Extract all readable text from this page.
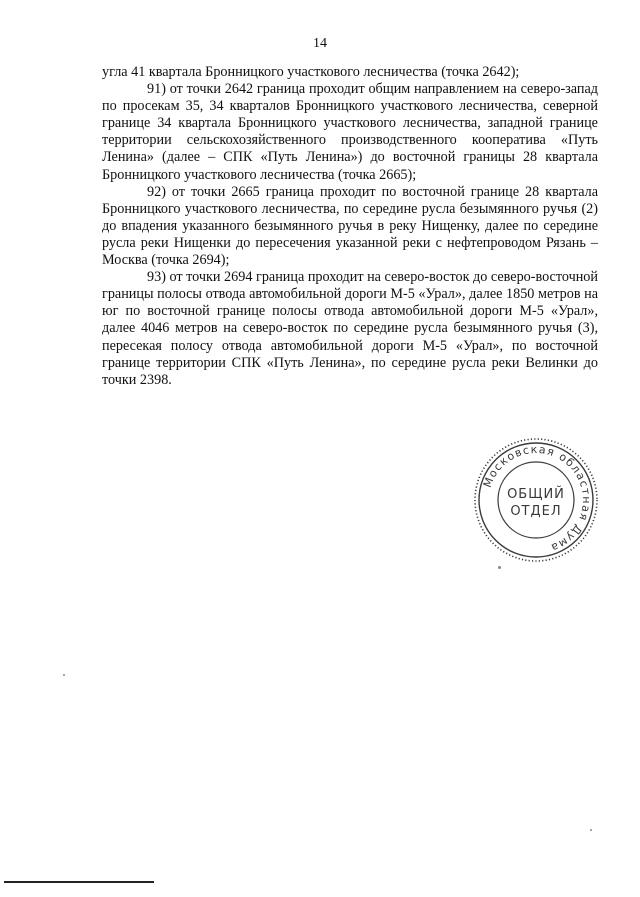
14

угла 41 квартала Бронницкого участкового лесничества (точка 2642);

91) от точки 2642 граница проходит общим направлением на северо-запад по просекам 35, 34 кварталов Бронницкого участкового лесничества, северной границе 34 квартала Бронницкого участкового лесничества, западной границе территории сельскохозяйственного производственного кооператива «Путь Ленина» (далее – СПК «Путь Ленина») до восточной границы 28 квартала Бронницкого участкового лесничества (точка 2665);

92) от точки 2665 граница проходит по восточной границе 28 квартала Бронницкого участкового лесничества, по середине русла безымянного ручья (2) до впадения указанного безымянного ручья в реку Нищенку, далее по середине русла реки Нищенки до пересечения указанной реки с нефтепроводом Рязань – Москва (точка 2694);

93) от точки 2694 граница проходит на северо-восток до северо-восточной границы полосы отвода автомобильной дороги М-5 «Урал», далее 1850 метров на юг по восточной границе полосы отвода автомобильной дороги М-5 «Урал», далее 4046 метров на северо-восток по середине русла безымянного ручья (3), пересекая полосу отвода автомобильной дороги М-5 «Урал», по восточной границе территории СПК «Путь Ленина», по середине русла реки Велинки до точки 2398.

Московская областная Дума
ОБЩИЙ
ОТДЕЛ
